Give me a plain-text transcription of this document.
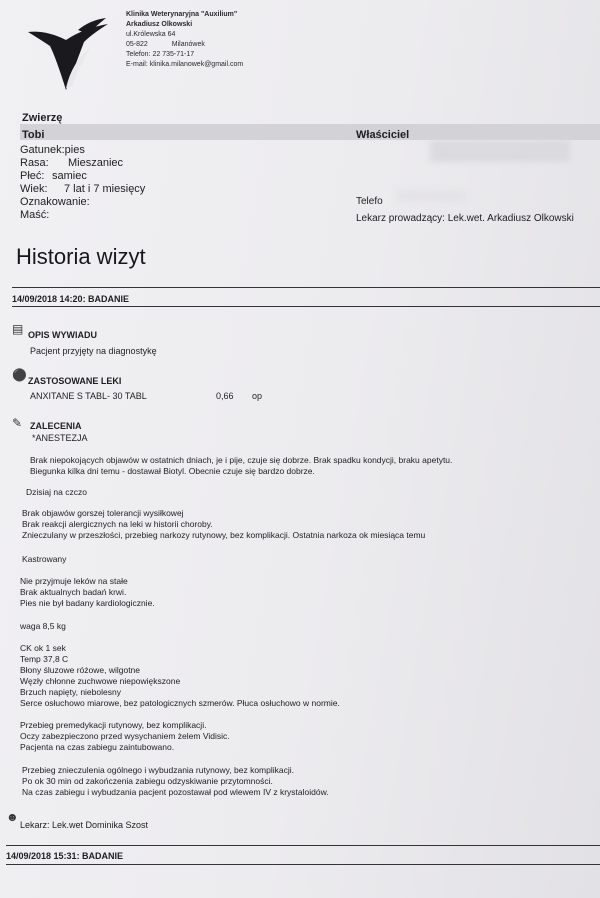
Klinika Weterynaryjna "Auxilium"
Arkadiusz Olkowski
ul.Królewska 64
05-822	Milanówek
Telefon: 22 735-71-17
E-mail: klinika.milanowek@gmail.com
Zwierzę
Tobi	Właściciel
Gatunek:pies
Rasa: Mieszaniec
Płeć: samiec
Wiek: 7 lat i 7 miesięcy
Oznakowanie:
Maść:
Telefo
Lekarz prowadzący: Lek.wet. Arkadiusz Olkowski
Historia wizyt
14/09/2018 14:20: BADANIE
▤ OPIS WYWIADU
Pacjent przyjęty na diagnostykę
⚫ ZASTOSOWANE LEKI
ANXITANE S TABL- 30 TABL	0,66 op
✎ ZALECENIA
*ANESTEZJA
Brak niepokojących objawów w ostatnich dniach, je i pije, czuje się dobrze. Brak spadku kondycji, braku apetytu.
Biegunka kilka dni temu - dostawał Biotyl. Obecnie czuje się bardzo dobrze.
Dzisiaj na czczo
Brak objawów gorszej tolerancji wysiłkowej
Brak reakcji alergicznych na leki w historii choroby.
Znieczulany w przeszłości, przebieg narkozy rutynowy, bez komplikacji. Ostatnia narkoza ok miesiąca temu
Kastrowany
Nie przyjmuje leków na stałe
Brak aktualnych badań krwi.
Pies nie był badany kardiologicznie.
waga 8,5 kg
CK ok 1 sek
Temp 37,8 C
Błony śluzowe różowe, wilgotne
Węzły chłonne zuchwowe niepowiększone
Brzuch napięty, niebolesny
Serce osłuchowo miarowe, bez patologicznych szmerów. Płuca osłuchowo w normie.
Przebieg premedykacji rutynowy, bez komplikacji.
Oczy zabezpieczono przed wysychaniem żelem Vidisic.
Pacjenta na czas zabiegu zaintubowano.
Przebieg znieczulenia ogólnego i wybudzania rutynowy, bez komplikacji.
Po ok 30 min od zakończenia zabiegu odzyskiwanie przytomności.
Na czas zabiegu i wybudzania pacjent pozostawał pod wlewem IV z krystaloidów.
☻
Lekarz: Lek.wet Dominika Szost
14/09/2018 15:31: BADANIE
